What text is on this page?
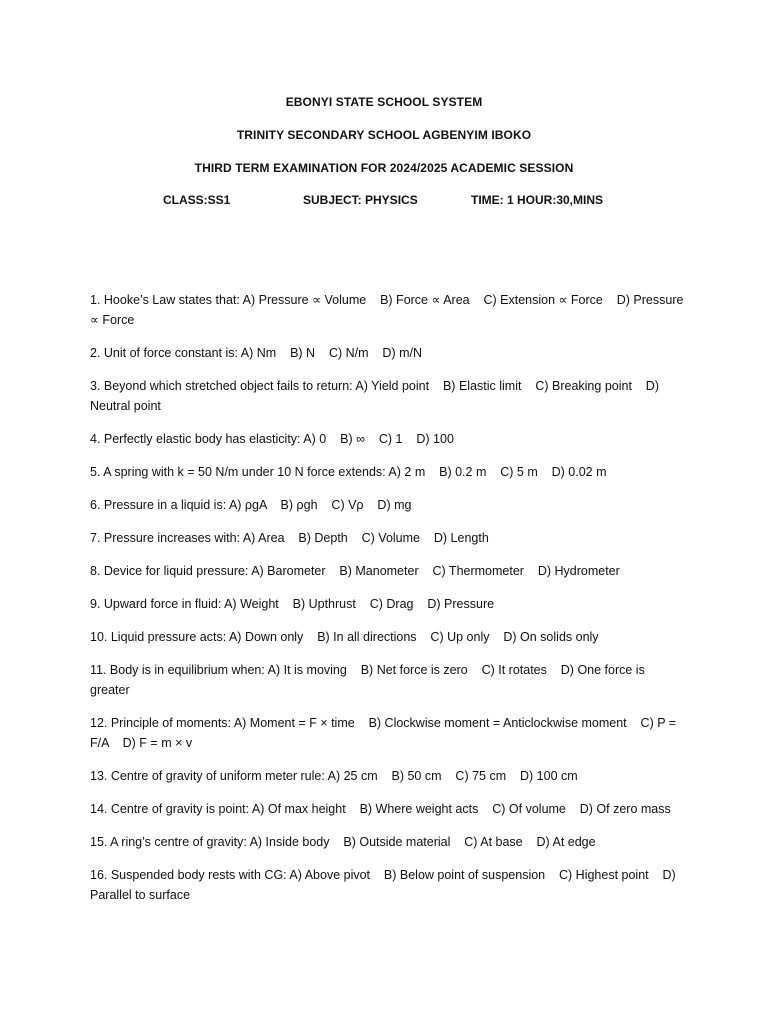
EBONYI STATE SCHOOL SYSTEM
TRINITY SECONDARY SCHOOL AGBENYIM IBOKO
THIRD TERM EXAMINATION FOR 2024/2025 ACADEMIC SESSION
CLASS:SS1	SUBJECT: PHYSICS	TIME: 1 HOUR:30,MINS

1. Hooke’s Law states that: A) Pressure ∝ Volume    B) Force ∝ Area    C) Extension ∝ Force    D) Pressure ∝ Force

2. Unit of force constant is: A) Nm    B) N    C) N/m    D) m/N

3. Beyond which stretched object fails to return: A) Yield point    B) Elastic limit    C) Breaking point    D) Neutral point

4. Perfectly elastic body has elasticity: A) 0    B) ∞    C) 1    D) 100

5. A spring with k = 50 N/m under 10 N force extends: A) 2 m    B) 0.2 m    C) 5 m    D) 0.02 m

6. Pressure in a liquid is: A) ρgA    B) ρgh    C) Vρ    D) mg

7. Pressure increases with: A) Area    B) Depth    C) Volume    D) Length

8. Device for liquid pressure: A) Barometer    B) Manometer    C) Thermometer    D) Hydrometer

9. Upward force in fluid: A) Weight    B) Upthrust    C) Drag    D) Pressure

10. Liquid pressure acts: A) Down only    B) In all directions    C) Up only    D) On solids only

11. Body is in equilibrium when: A) It is moving    B) Net force is zero    C) It rotates    D) One force is greater

12. Principle of moments: A) Moment = F × time    B) Clockwise moment = Anticlockwise moment    C) P = F/A    D) F = m × v

13. Centre of gravity of uniform meter rule: A) 25 cm    B) 50 cm    C) 75 cm    D) 100 cm

14. Centre of gravity is point: A) Of max height    B) Where weight acts    C) Of volume    D) Of zero mass

15. A ring’s centre of gravity: A) Inside body    B) Outside material    C) At base    D) At edge

16. Suspended body rests with CG: A) Above pivot    B) Below point of suspension    C) Highest point    D) Parallel to surface
